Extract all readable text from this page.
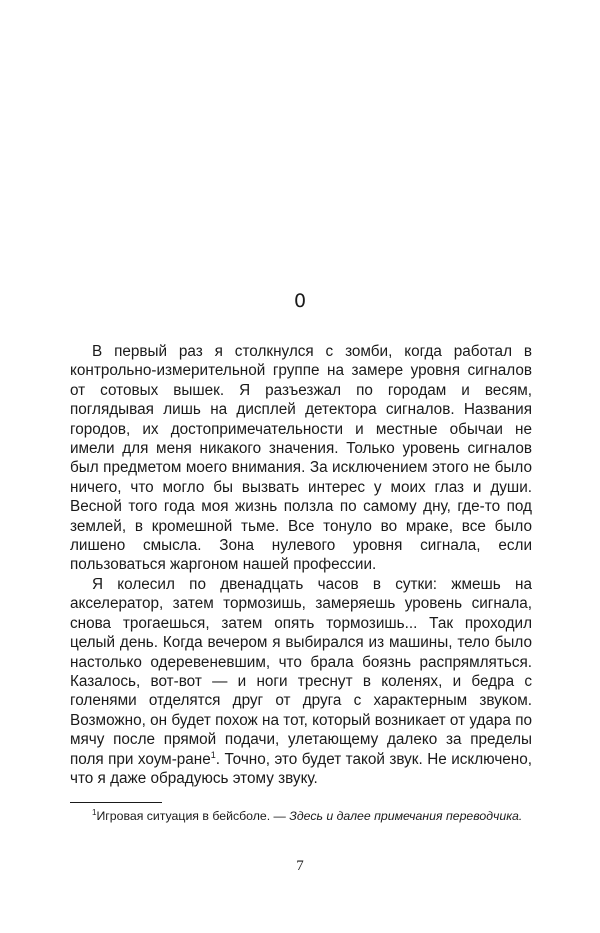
0

В первый раз я столкнулся с зомби, когда работал в контрольно-измерительной группе на замере уровня сигналов от сотовых вышек. Я разъезжал по городам и весям, поглядывая лишь на дисплей детектора сигналов. Названия городов, их достопримечательности и местные обычаи не имели для меня никакого значения. Только уровень сигналов был предметом моего внимания. За исключением этого не было ничего, что могло бы вызвать интерес у моих глаз и души. Весной того года моя жизнь ползла по самому дну, где-то под землей, в кромешной тьме. Все тонуло во мраке, все было лишено смысла. Зона нулевого уровня сигнала, если пользоваться жаргоном нашей профессии.

Я колесил по двенадцать часов в сутки: жмешь на акселератор, затем тормозишь, замеряешь уровень сигнала, снова трогаешься, затем опять тормозишь... Так проходил целый день. Когда вечером я выбирался из машины, тело было настолько одеревеневшим, что брала боязнь распрямляться. Казалось, вот-вот — и ноги треснут в коленях, и бедра с голенями отделятся друг от друга с характерным звуком. Возможно, он будет похож на тот, который возникает от удара по мячу после прямой подачи, улетающему далеко за пределы поля при хоум-ране$^1$. Точно, это будет такой звук. Не исключено, что я даже обрадуюсь этому звуку.

$^1$Игровая ситуация в бейсболе. — Здесь и далее примечания переводчика.
7
